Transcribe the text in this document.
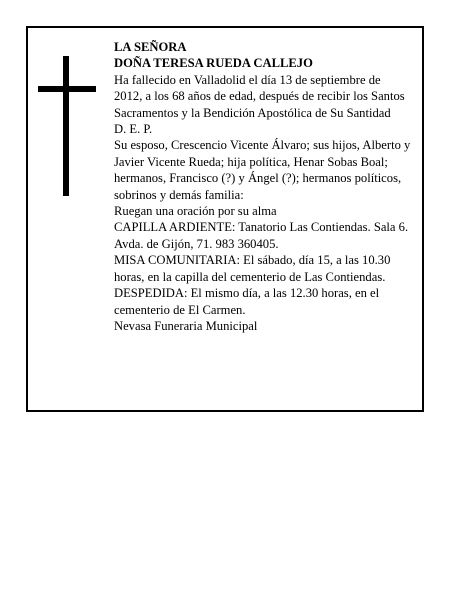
LA SEÑORA

DOÑA TERESA RUEDA CALLEJO

Ha fallecido en Valladolid el día 13 de septiembre de 2012, a los 68 años de edad, después de recibir los Santos Sacramentos y la Bendición Apostólica de Su Santidad

D. E. P.

Su esposo, Crescencio Vicente Álvaro; sus hijos, Alberto y Javier Vicente Rueda; hija política, Henar Sobas Boal; hermanos, Francisco (?) y Ángel (?); hermanos políticos, sobrinos y demás familia:

Ruegan una oración por su alma

CAPILLA ARDIENTE: Tanatorio Las Contiendas. Sala 6. Avda. de Gijón, 71. 983 360405.

MISA COMUNITARIA: El sábado, día 15, a las 10.30 horas, en la capilla del cementerio de Las Contiendas.

DESPEDIDA: El mismo día, a las 12.30 horas, en el cementerio de El Carmen.

Nevasa Funeraria Municipal
